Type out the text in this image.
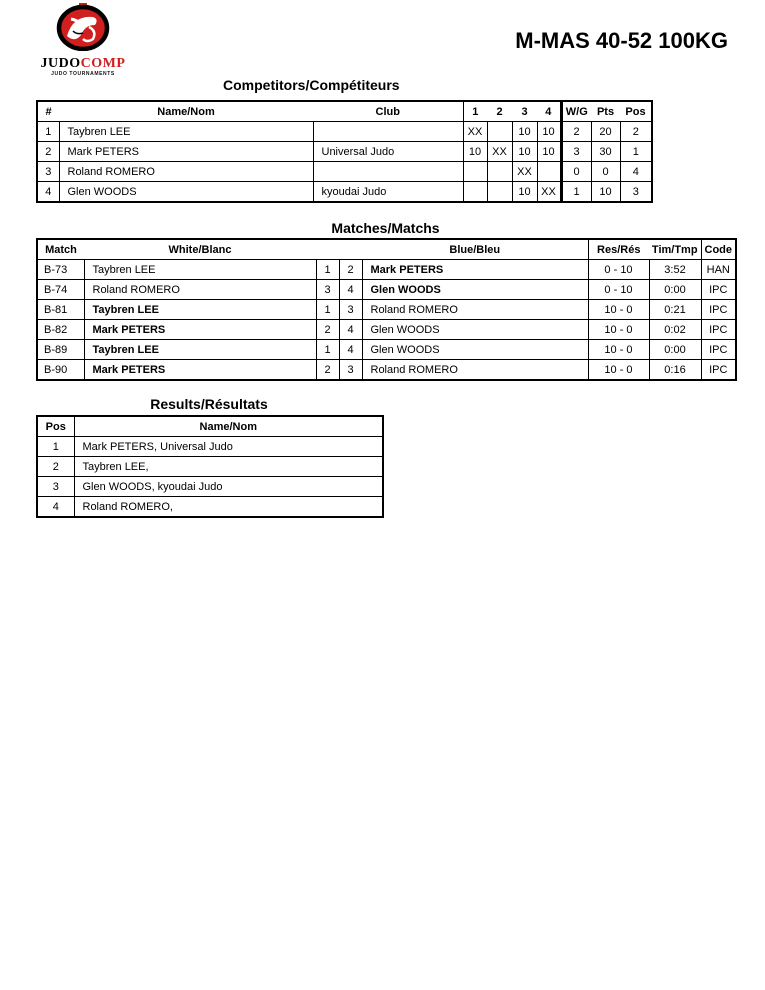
JUDOCOMP
JUDO TOURNAMENTS
M-MAS 40-52 100KG
Competitors/Compétiteurs
#	Name/Nom	Club	1	2	3	4	W/G	Pts	Pos
1	Taybren LEE		XX		10	10	2	20	2
2	Mark PETERS	Universal Judo	10	XX	10	10	3	30	1
3	Roland ROMERO				XX		0	0	4
4	Glen WOODS	kyoudai Judo			10	XX	1	10	3
Matches/Matchs
Match	White/Blanc			Blue/Bleu	Res/Rés	Tim/Tmp	Code
B-73	Taybren LEE	1	2	Mark PETERS	0 - 10	3:52	HAN
B-74	Roland ROMERO	3	4	Glen WOODS	0 - 10	0:00	IPC
B-81	Taybren LEE	1	3	Roland ROMERO	10 - 0	0:21	IPC
B-82	Mark PETERS	2	4	Glen WOODS	10 - 0	0:02	IPC
B-89	Taybren LEE	1	4	Glen WOODS	10 - 0	0:00	IPC
B-90	Mark PETERS	2	3	Roland ROMERO	10 - 0	0:16	IPC
Results/Résultats
Pos	Name/Nom
1	Mark PETERS, Universal Judo
2	Taybren LEE,
3	Glen WOODS, kyoudai Judo
4	Roland ROMERO,
